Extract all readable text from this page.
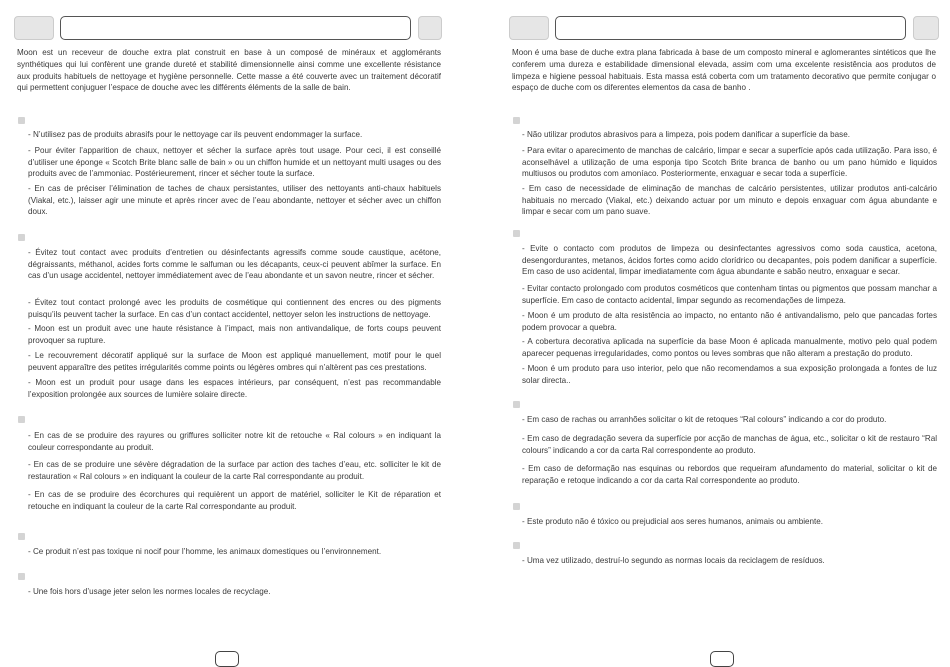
Moon est un receveur de douche extra plat construit en base à un composé de minéraux et agglomérants synthétiques qui lui confèrent une grande dureté et stabilité dimensionnelle ainsi comme une excellente résistance aux produits habituels de nettoyage et hygiène personnelle. Cette masse a été couverte avec un traitement décoratif qui permettent conjuguer l’espace de douche avec les différents éléments de la salle de bain.

- N’utilisez pas de produits abrasifs pour le nettoyage car ils peuvent endommager la surface.

- Pour éviter l’apparition de chaux, nettoyer et sécher la surface après tout usage. Pour ceci, il est conseillé d’utiliser une éponge « Scotch Brite blanc salle de bain » ou un chiffon humide et un nettoyant multi usages ou des produits avec de l’ammoniac. Postérieurement, rincer et sécher toute la surface.

- En cas de préciser l’élimination de taches de chaux persistantes, utiliser des nettoyants anti-chaux habituels (Viakal, etc.), laisser agir une minute et après rincer avec de l’eau abondante, nettoyer et sécher avec un chiffon doux.

- Évitez tout contact avec produits d’entretien ou désinfectants agressifs comme soude caustique, acétone, dégraissants, méthanol, acides forts comme le salfuman ou les décapants, ceux-ci peuvent abîmer la surface. En cas d’un usage accidentel, nettoyer immédiatement avec de l’eau abondante et un savon neutre, rincer et sécher.

- Évitez tout contact prolongé avec les produits de cosmétique qui contiennent des encres ou des pigments puisqu’ils peuvent tacher la surface. En cas d’un contact accidentel, nettoyer selon les instructions de nettoyage.

- Moon est un produit avec une haute résistance à l’impact, mais non antivandalique, de forts coups peuvent provoquer sa rupture.

- Le recouvrement décoratif appliqué sur la surface de Moon est appliqué manuellement, motif pour le quel peuvent apparaître des petites irrégularités comme points ou légères ombres qui n’altèrent pas ces prestations.

- Moon est un produit pour usage dans les espaces intérieurs, par conséquent, n’est pas recommandable l’exposition prolongée aux sources de lumière solaire directe.

- En cas de se produire des rayures ou griffures solliciter notre kit de retouche « Ral colours » en indiquant la couleur correspondante au produit.

- En cas de se produire une sévère dégradation de la surface par action des taches d’eau, etc. solliciter le kit de restauration « Ral colours » en indiquant la couleur de la carte Ral correspondante au produit.

- En cas de se produire des écorchures qui requièrent un apport de matériel, solliciter le Kit de réparation et retouche en indiquant la couleur de la carte Ral correspondante au produit.

- Ce produit n’est pas toxique ni nocif pour l’homme, les animaux domestiques ou l’environnement.

- Une fois hors d’usage jeter selon les normes locales de recyclage.

Moon é uma base de duche extra plana fabricada à base de um composto mineral e aglomerantes sintéticos que lhe conferem uma dureza e estabilidade dimensional elevada, assim com uma excelente resistência aos produtos de limpeza e higiene pessoal habituais. Esta massa está coberta com um tratamento decorativo que permite conjugar o espaço de duche com os diferentes elementos da casa de banho .

- Não utilizar produtos abrasivos para a limpeza, pois podem danificar a superfície da base.

- Para evitar o aparecimento de manchas de calcário, limpar e secar a superfície após cada utilização. Para isso, é aconselhável a utilização de uma esponja tipo Scotch Brite branca de banho ou um pano húmido e liquidos multiusos ou produtos com amoníaco. Posteriormente, enxaguar e secar toda a superfície.

- Em caso de necessidade de eliminação de manchas de calcário persistentes, utilizar produtos anti-calcário habituais no mercado (Viakal, etc.) deixando actuar por um minuto e depois enxaguar com água abundante e limpar e secar com um pano suave.

- Evite o contacto com produtos de limpeza ou desinfectantes agressivos como soda caustica, acetona, desengordurantes, metanos, ácidos fortes como acido clorídrico ou decapantes, pois podem danificar a superfície. Em caso de uso acidental, limpar imediatamente com água abundante e sabão neutro, enxaguar e secar.

- Evitar contacto prolongado com produtos cosméticos que contenham tintas ou pigmentos que possam manchar a superfície. Em caso de contacto acidental, limpar segundo as recomendações de limpeza.

- Moon é um produto de alta resistência ao impacto, no entanto não é antivandalismo, pelo que pancadas fortes podem provocar a quebra.

- A cobertura decorativa aplicada na superfície da base Moon é aplicada manualmente, motivo pelo qual podem aparecer pequenas irregularidades, como pontos ou leves sombras que não alteram a prestação do produto.

- Moon é um produto para uso interior, pelo que não recomendamos a sua exposição prolongada a fontes de luz solar directa..

- Em caso de rachas ou arranhões solicitar o kit de retoques “Ral colours” indicando a cor do produto.

- Em caso de degradação severa da superfície por acção de manchas de água, etc., solicitar o kit de restauro “Ral colours” indicando a cor da carta Ral correspondente ao produto.

- Em caso de deformação nas esquinas ou rebordos que requeiram afundamento do material, solicitar o kit de reparação e retoque indicando a cor da carta Ral correspondente ao produto.

- Este produto não é tóxico ou prejudicial aos seres humanos, animais ou ambiente.

- Uma vez utilizado, destruí-lo segundo as normas locais da reciclagem de resíduos.
